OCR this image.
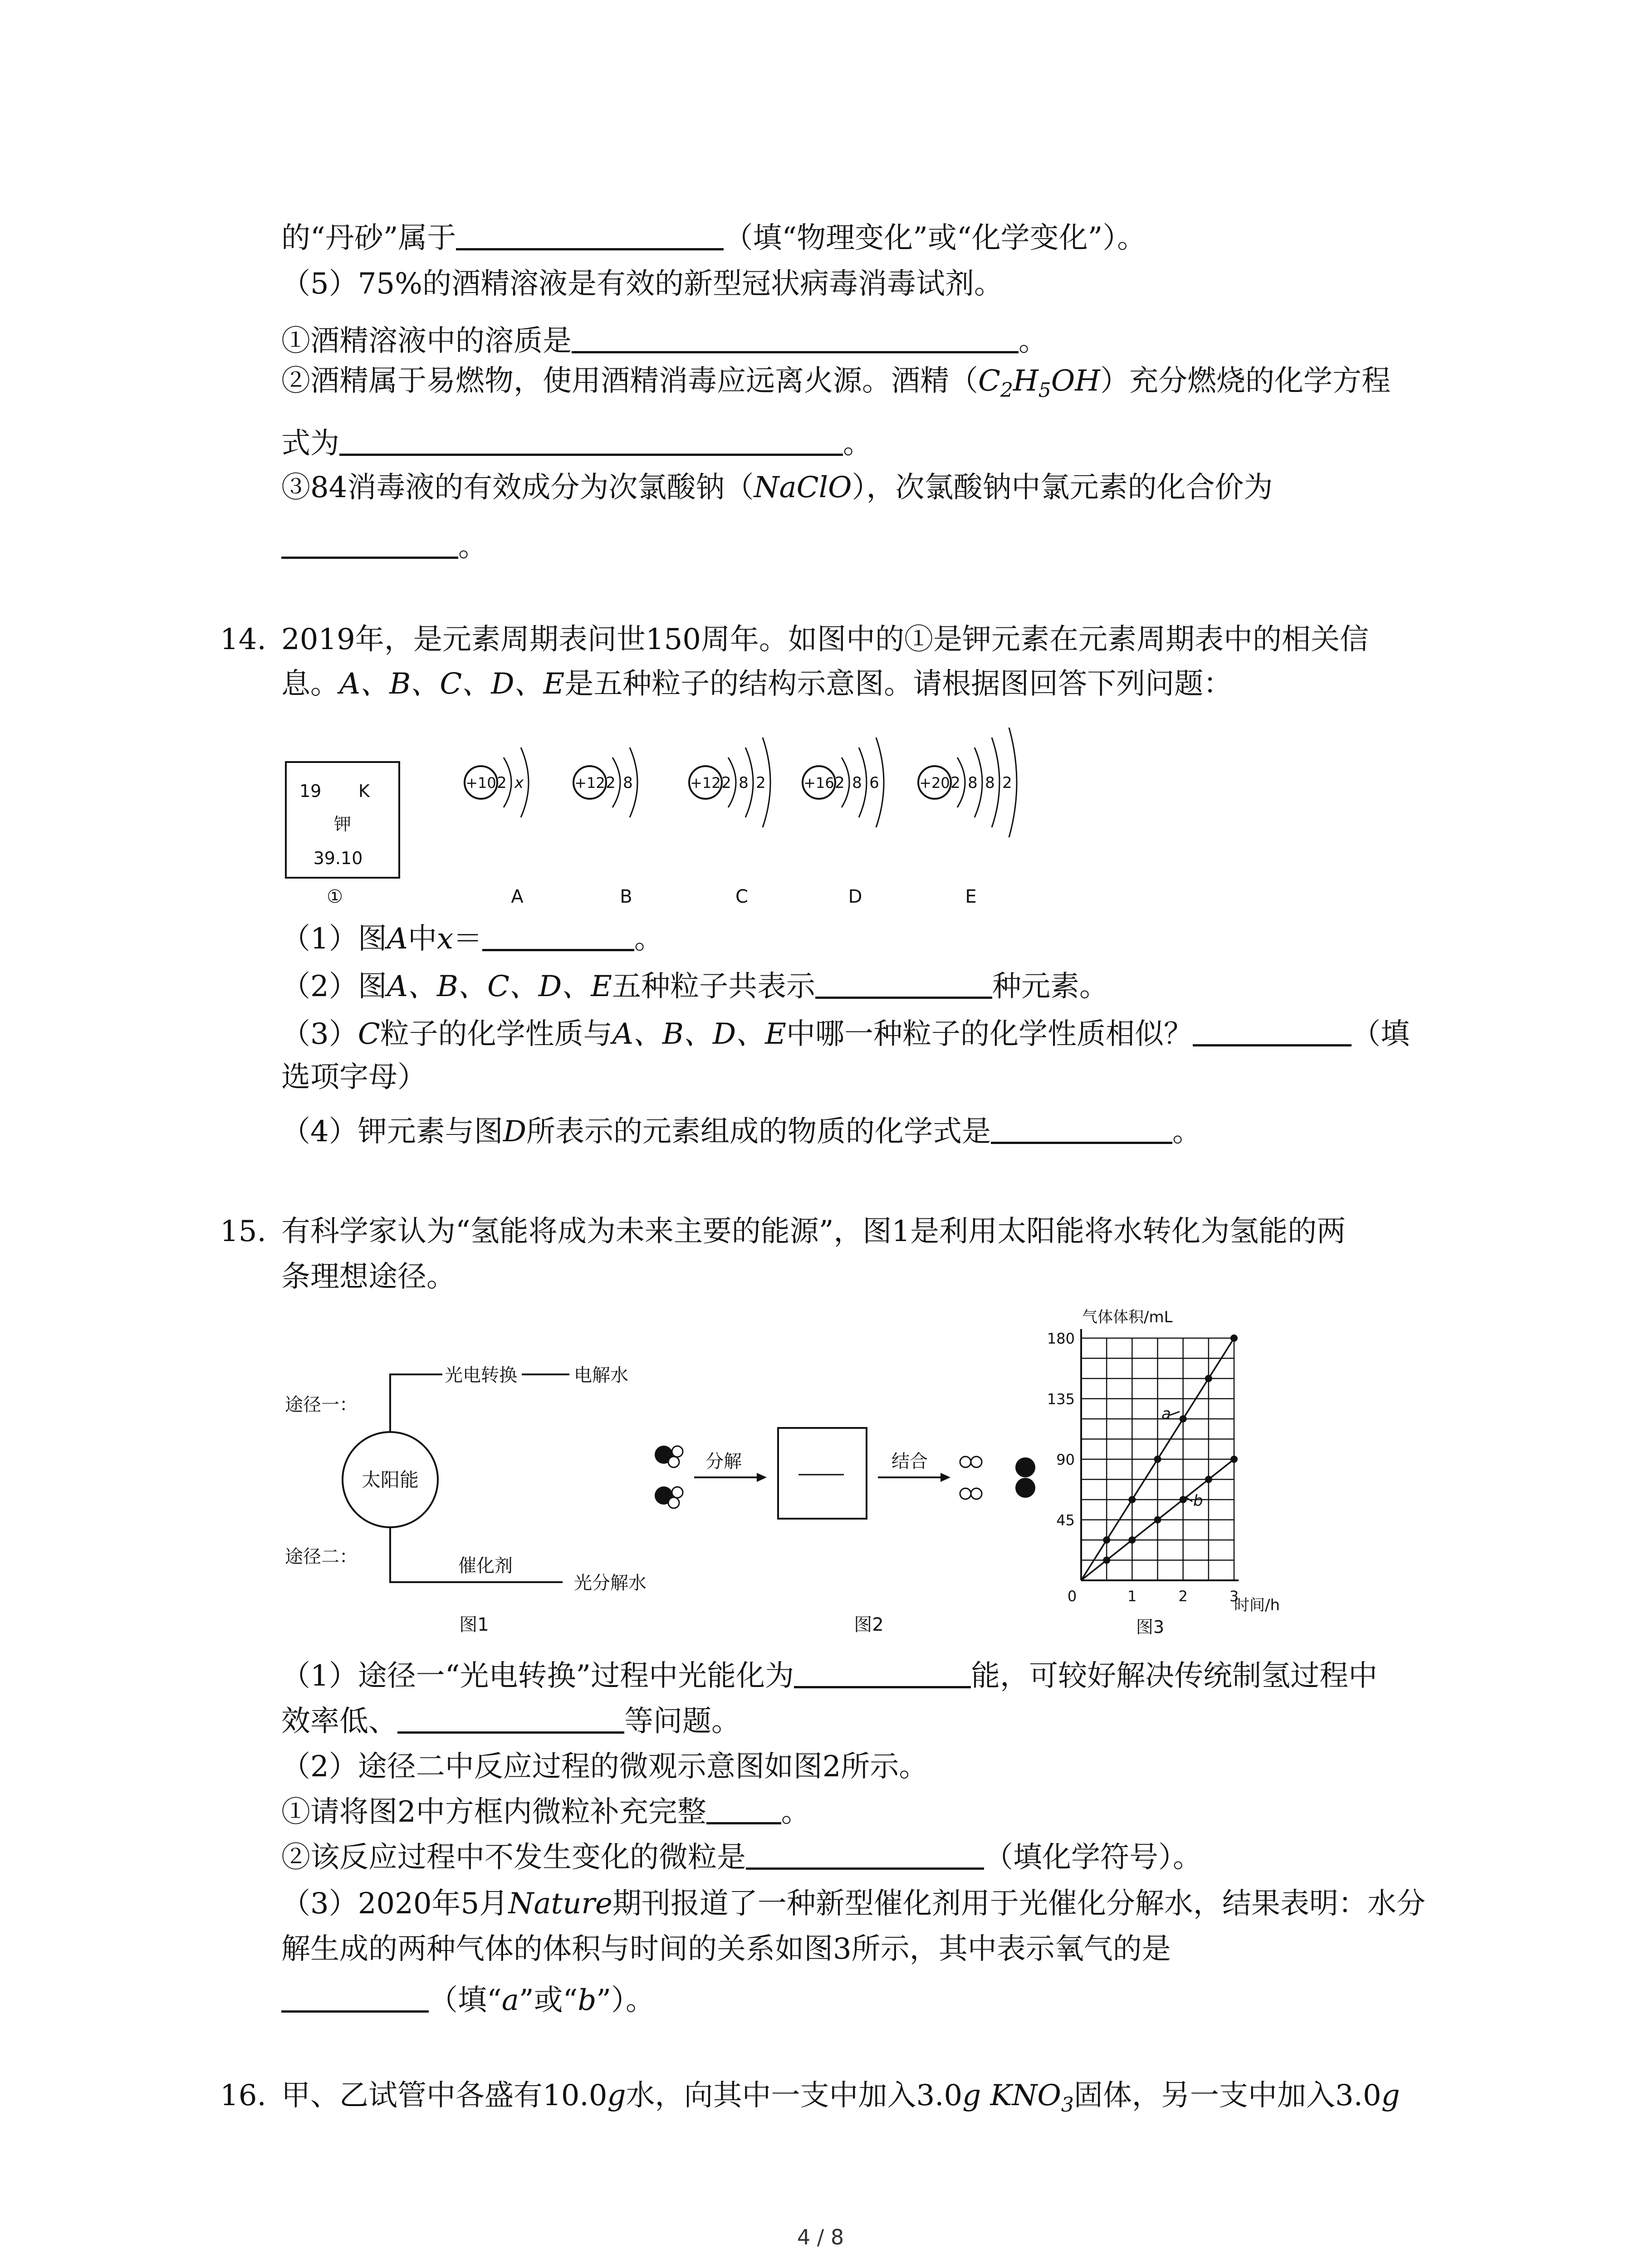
的“丹砂”属于	（填“物理变化”或“化学变化”）。
（5）75%的酒精溶液是有效的新型冠状病毒消毒试剂。
①酒精溶液中的溶质是	。
②酒精属于易燃物，使用酒精消毒应远离火源。酒精$(C_2H_5OH)$充分燃烧的化学方程
式为	。
③84消毒液的有效成分为次氯酸钠（NaClO），次氯酸钠中氯元素的化合价为
。
14. 2019年，是元素周期表问世150周年。如图中的①是钾元素在元素周期表中的相关信
息。A、B、C、D、E是五种粒子的结构示意图。请根据图回答下列问题：
19 K
钾
39.10
①
+10 2 x
A
+12 2 8
B
+12 2 8 2
C
+16 2 8 6
D
+20 2 8 8 2
E
（1）图A中x＝	。
（2）图A、B、C、D、E五种粒子共表示	种元素。
（3）C粒子的化学性质与A、B、D、E中哪一种粒子的化学性质相似？	（填
选项字母）
（4）钾元素与图D所表示的元素组成的物质的化学式是	。
15. 有科学家认为“氢能将成为未来主要的能源”，图1是利用太阳能将水转化为氢能的两
条理想途径。
途径一：
途径二：
太阳能
光电转换	电解水
催化剂
光分解水
图1
分解	结合
图2
气体体积/mL
180
135
90
45
0	1	2	3
a
b
时间/h
图3
（1）途径一“光电转换”过程中光能化为	能，可较好解决传统制氢过程中
效率低、	等问题。
（2）途径二中反应过程的微观示意图如图2所示。
①请将图2中方框内微粒补充完整	。
②该反应过程中不发生变化的微粒是	（填化学符号）。
（3）2020年5月Nature期刊报道了一种新型催化剂用于光催化分解水，结果表明：水分
解生成的两种气体的体积与时间的关系如图3所示，其中表示氧气的是
（填“a”或“b”）。
16. 甲、乙试管中各盛有10.0g水，向其中一支中加入3.0g $KNO_3$固体，另一支中加入3.0g
4 / 8
